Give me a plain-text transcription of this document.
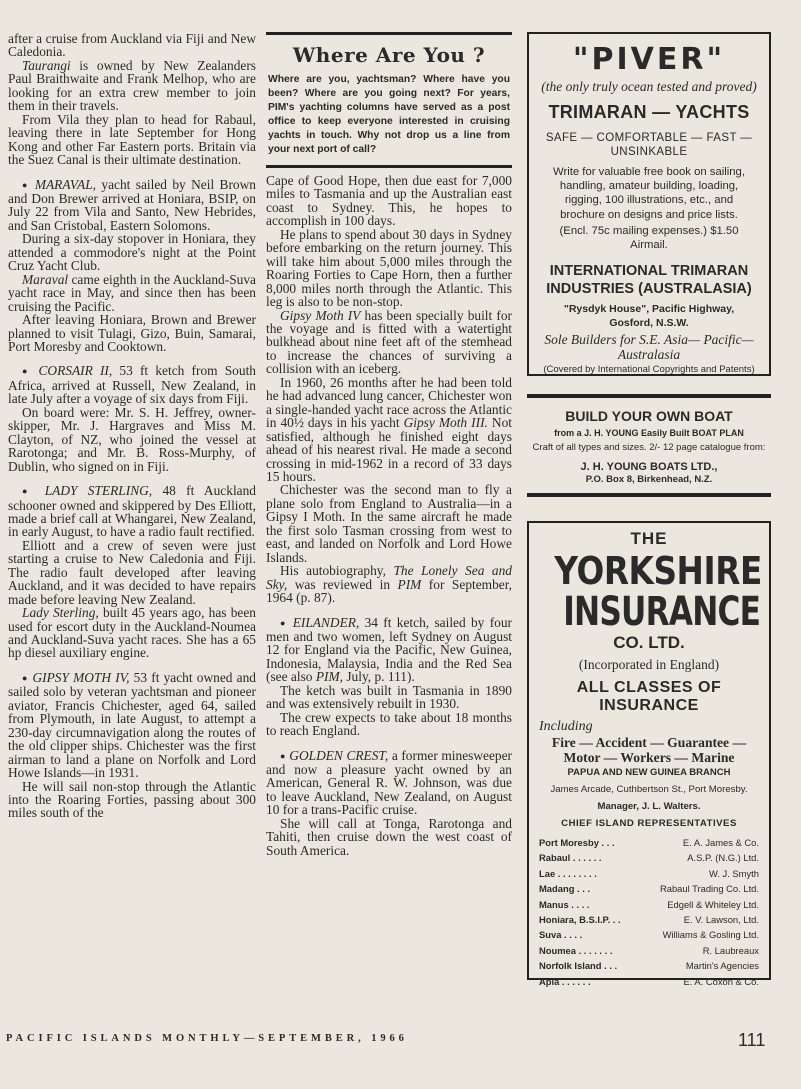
after a cruise from Auckland via Fiji and New Caledonia.

Taurangi is owned by New Zealanders Paul Braithwaite and Frank Melhop, who are looking for an extra crew member to join them in their travels.

From Vila they plan to head for Rabaul, leaving there in late September for Hong Kong and other Far Eastern ports. Britain via the Suez Canal is their ultimate destination.

● MARAVAL, yacht sailed by Neil Brown and Don Brewer arrived at Honiara, BSIP, on July 22 from Vila and Santo, New Hebrides, and San Cristobal, Eastern Solomons.

During a six-day stopover in Honiara, they attended a commodore's night at the Point Cruz Yacht Club.

Maraval came eighth in the Auckland-Suva yacht race in May, and since then has been cruising the Pacific.

After leaving Honiara, Brown and Brewer planned to visit Tulagi, Gizo, Buin, Samarai, Port Moresby and Cooktown.

● CORSAIR II, 53 ft ketch from South Africa, arrived at Russell, New Zealand, in late July after a voyage of six days from Fiji.

On board were: Mr. S. H. Jeffrey, owner-skipper, Mr. J. Hargraves and Miss M. Clayton, of NZ, who joined the vessel at Rarotonga; and Mr. B. Ross-Murphy, of Dublin, who signed on in Fiji.

● LADY STERLING, 48 ft Auckland schooner owned and skippered by Des Elliott, made a brief call at Whangarei, New Zealand, in early August, to have a radio fault rectified.

Elliott and a crew of seven were just starting a cruise to New Caledonia and Fiji. The radio fault developed after leaving Auckland, and it was decided to have repairs made before leaving New Zealand.

Lady Sterling, built 45 years ago, has been used for escort duty in the Auckland-Noumea and Auckland-Suva yacht races. She has a 65 hp diesel auxiliary engine.

● GIPSY MOTH IV, 53 ft yacht owned and sailed solo by veteran yachtsman and pioneer aviator, Francis Chichester, aged 64, sailed from Plymouth, in late August, to attempt a 230-day circumnavigation along the routes of the old clipper ships. Chichester was the first airman to land a plane on Norfolk and Lord Howe Islands—in 1931.

He will sail non-stop through the Atlantic into the Roaring Forties, passing about 300 miles south of the

Where Are You ?

Where are you, yachtsman? Where have you been? Where are you going next? For years, PIM's yachting columns have served as a post office to keep everyone interested in cruising yachts in touch. Why not drop us a line from your next port of call?

Cape of Good Hope, then due east for 7,000 miles to Tasmania and up the Australian east coast to Sydney. This, he hopes to accomplish in 100 days.

He plans to spend about 30 days in Sydney before embarking on the return journey. This will take him about 5,000 miles through the Roaring Forties to Cape Horn, then a further 8,000 miles north through the Atlantic. This leg is also to be non-stop.

Gipsy Moth IV has been specially built for the voyage and is fitted with a watertight bulkhead about nine feet aft of the stemhead to increase the chances of surviving a collision with an iceberg.

In 1960, 26 months after he had been told he had advanced lung cancer, Chichester won a single-handed yacht race across the Atlantic in 40½ days in his yacht Gipsy Moth III. Not satisfied, although he finished eight days ahead of his nearest rival. He made a second crossing in mid-1962 in a record of 33 days 15 hours.

Chichester was the second man to fly a plane solo from England to Australia—in a Gipsy I Moth. In the same aircraft he made the first solo Tasman crossing from west to east, and landed on Norfolk and Lord Howe Islands.

His autobiography, The Lonely Sea and Sky, was reviewed in PIM for September, 1964 (p. 87).

● EILANDER, 34 ft ketch, sailed by four men and two women, left Sydney on August 12 for England via the Pacific, New Guinea, Indonesia, Malaysia, India and the Red Sea (see also PIM, July, p. 111).

The ketch was built in Tasmania in 1890 and was extensively rebuilt in 1930.

The crew expects to take about 18 months to reach England.

● GOLDEN CREST, a former minesweeper and now a pleasure yacht owned by an American, General R. W. Johnson, was due to leave Auckland, New Zealand, on August 10 for a trans-Pacific cruise.

She will call at Tonga, Rarotonga and Tahiti, then cruise down the west coast of South America.

"PIVER"

(the only truly ocean tested and proved)

TRIMARAN — YACHTS

SAFE — COMFORTABLE — FAST — UNSINKABLE

Write for valuable free book on sailing, handling, amateur building, loading, rigging, 100 illustrations, etc., and brochure on designs and price lists.

(Encl. 75c mailing expenses.) $1.50 Airmail.

INTERNATIONAL TRIMARAN INDUSTRIES (AUSTRALASIA)

"Rysdyk House", Pacific Highway, Gosford, N.S.W.

Sole Builders for S.E. Asia— Pacific—Australasia

(Covered by International Copyrights and Patents)

BUILD YOUR OWN BOAT

from a J. H. YOUNG Easily Built BOAT PLAN

Craft of all types and sizes. 2/- 12 page catalogue from:

J. H. YOUNG BOATS LTD.,

P.O. Box 8, Birkenhead, N.Z.

THE

YORKSHIRE

INSURANCE

CO. LTD.

(Incorporated in England)

ALL CLASSES OF INSURANCE

Including

Fire — Accident — Guarantee —Motor — Workers — Marine

PAPUA AND NEW GUINEA BRANCH

James Arcade, Cuthbertson St., Port Moresby.

Manager, J. L. Walters.

CHIEF ISLAND REPRESENTATIVES

Port Moresby . . .	E. A. James & Co.
Rabaul . . . . . .	A.S.P. (N.G.) Ltd.
Lae . . . . . . . .	W. J. Smyth
Madang . . .	Rabaul Trading Co. Ltd.
Manus . . . .	Edgell & Whiteley Ltd.
Honiara, B.S.I.P. . .	E. V. Lawson, Ltd.
Suva . . . .	Williams & Gosling Ltd.
Noumea . . . . . . .	R. Laubreaux
Norfolk Island . . .	Martin's Agencies
Apia . . . . . .	E. A. Coxon & Co.
PACIFIC ISLANDS MONTHLY—SEPTEMBER, 1966	111
